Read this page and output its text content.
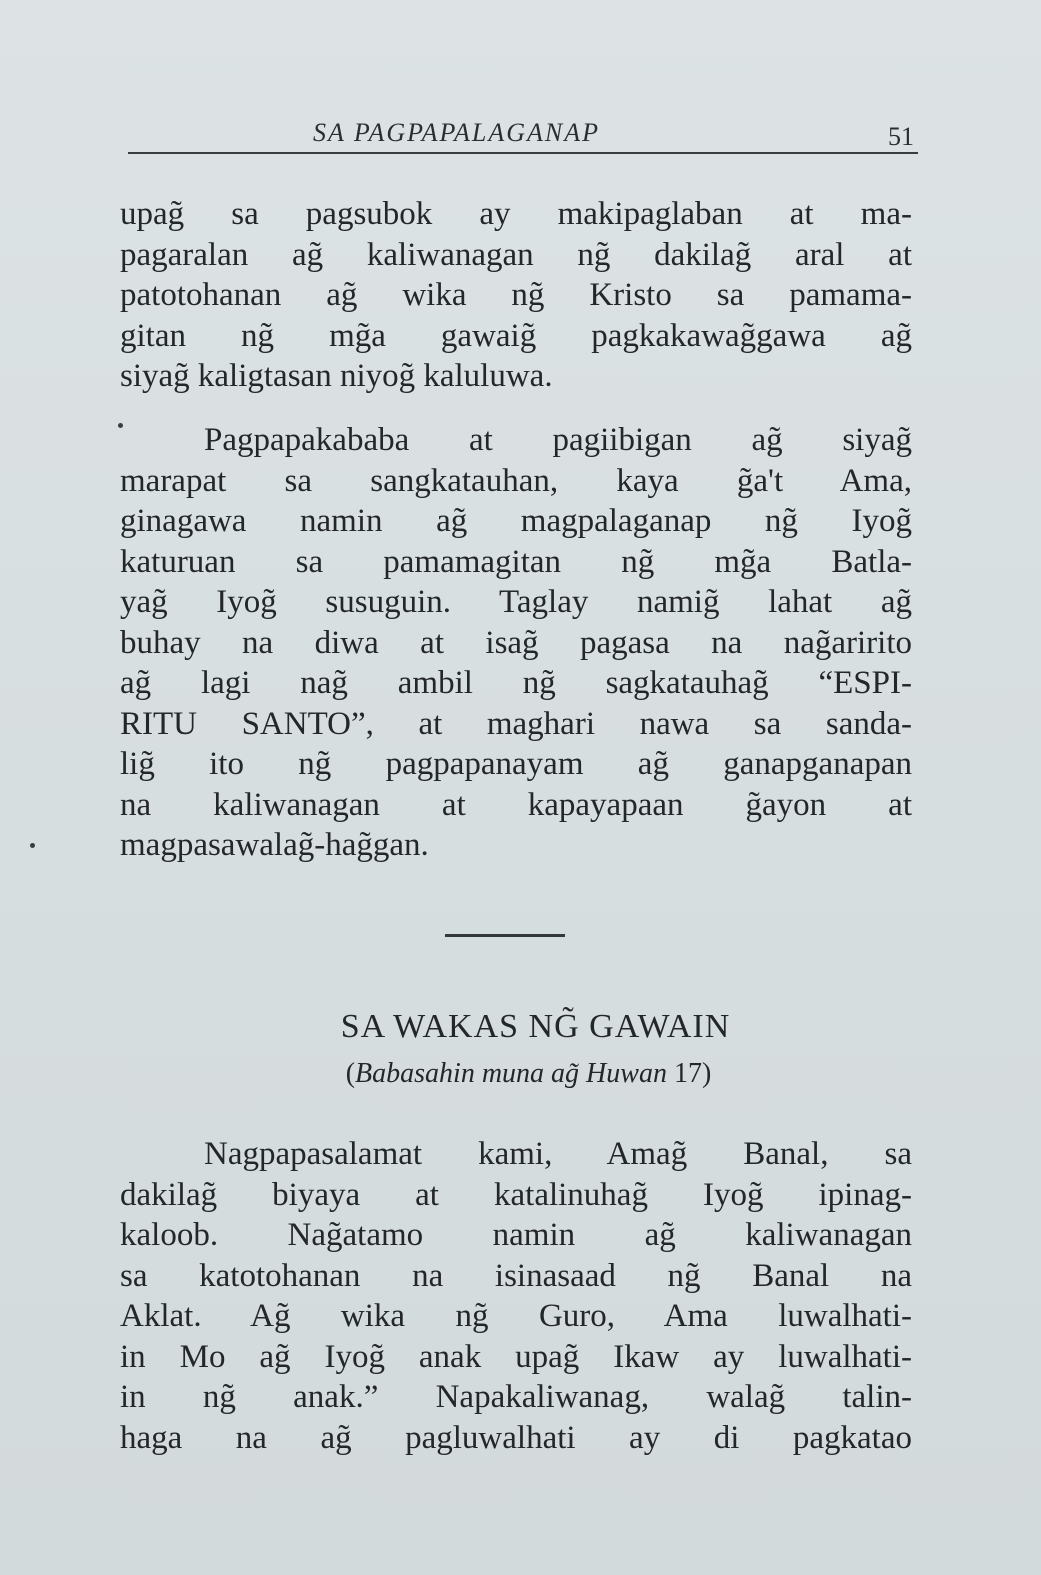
SA PAGPAPALAGANAP	51
upag̃ sa pagsubok ay makipaglaban at ma-
pagaralan ag̃ kaliwanagan ng̃ dakilag̃ aral at
patotohanan ag̃ wika ng̃ Kristo sa pamama-
gitan ng̃ mg̃a gawaig̃ pagkakawag̃gawa ag̃
siyag̃ kaligtasan niyog̃ kaluluwa.
Pagpapakababa at pagiibigan ag̃ siyag̃
marapat sa sangkatauhan, kaya g̃a't Ama,
ginagawa namin ag̃ magpalaganap ng̃ Iyog̃
katuruan sa pamamagitan ng̃ mg̃a Batla-
yag̃ Iyog̃ susuguin. Taglay namig̃ lahat ag̃
buhay na diwa at isag̃ pagasa na nag̃aririto
ag̃ lagi nag̃ ambil ng̃ sagkatauhag̃ “ESPI-
RITU SANTO”, at maghari nawa sa sanda-
lig̃ ito ng̃ pagpapanayam ag̃ ganapganapan
na kaliwanagan at kapayapaan g̃ayon at
magpasawalag̃-hag̃gan.
SA WAKAS NG̃ GAWAIN
(Babasahin muna ag̃ Huwan 17)
Nagpapasalamat kami, Amag̃ Banal, sa
dakilag̃ biyaya at katalinuhag̃ Iyog̃ ipinag-
kaloob. Nag̃atamo namin ag̃ kaliwanagan
sa katotohanan na isinasaad ng̃ Banal na
Aklat. Ag̃ wika ng̃ Guro, Ama luwalhati-
in Mo ag̃ Iyog̃ anak upag̃ Ikaw ay luwalhati-
in ng̃ anak.” Napakaliwanag, walag̃ talin-
haga na ag̃ pagluwalhati ay di pagkatao
